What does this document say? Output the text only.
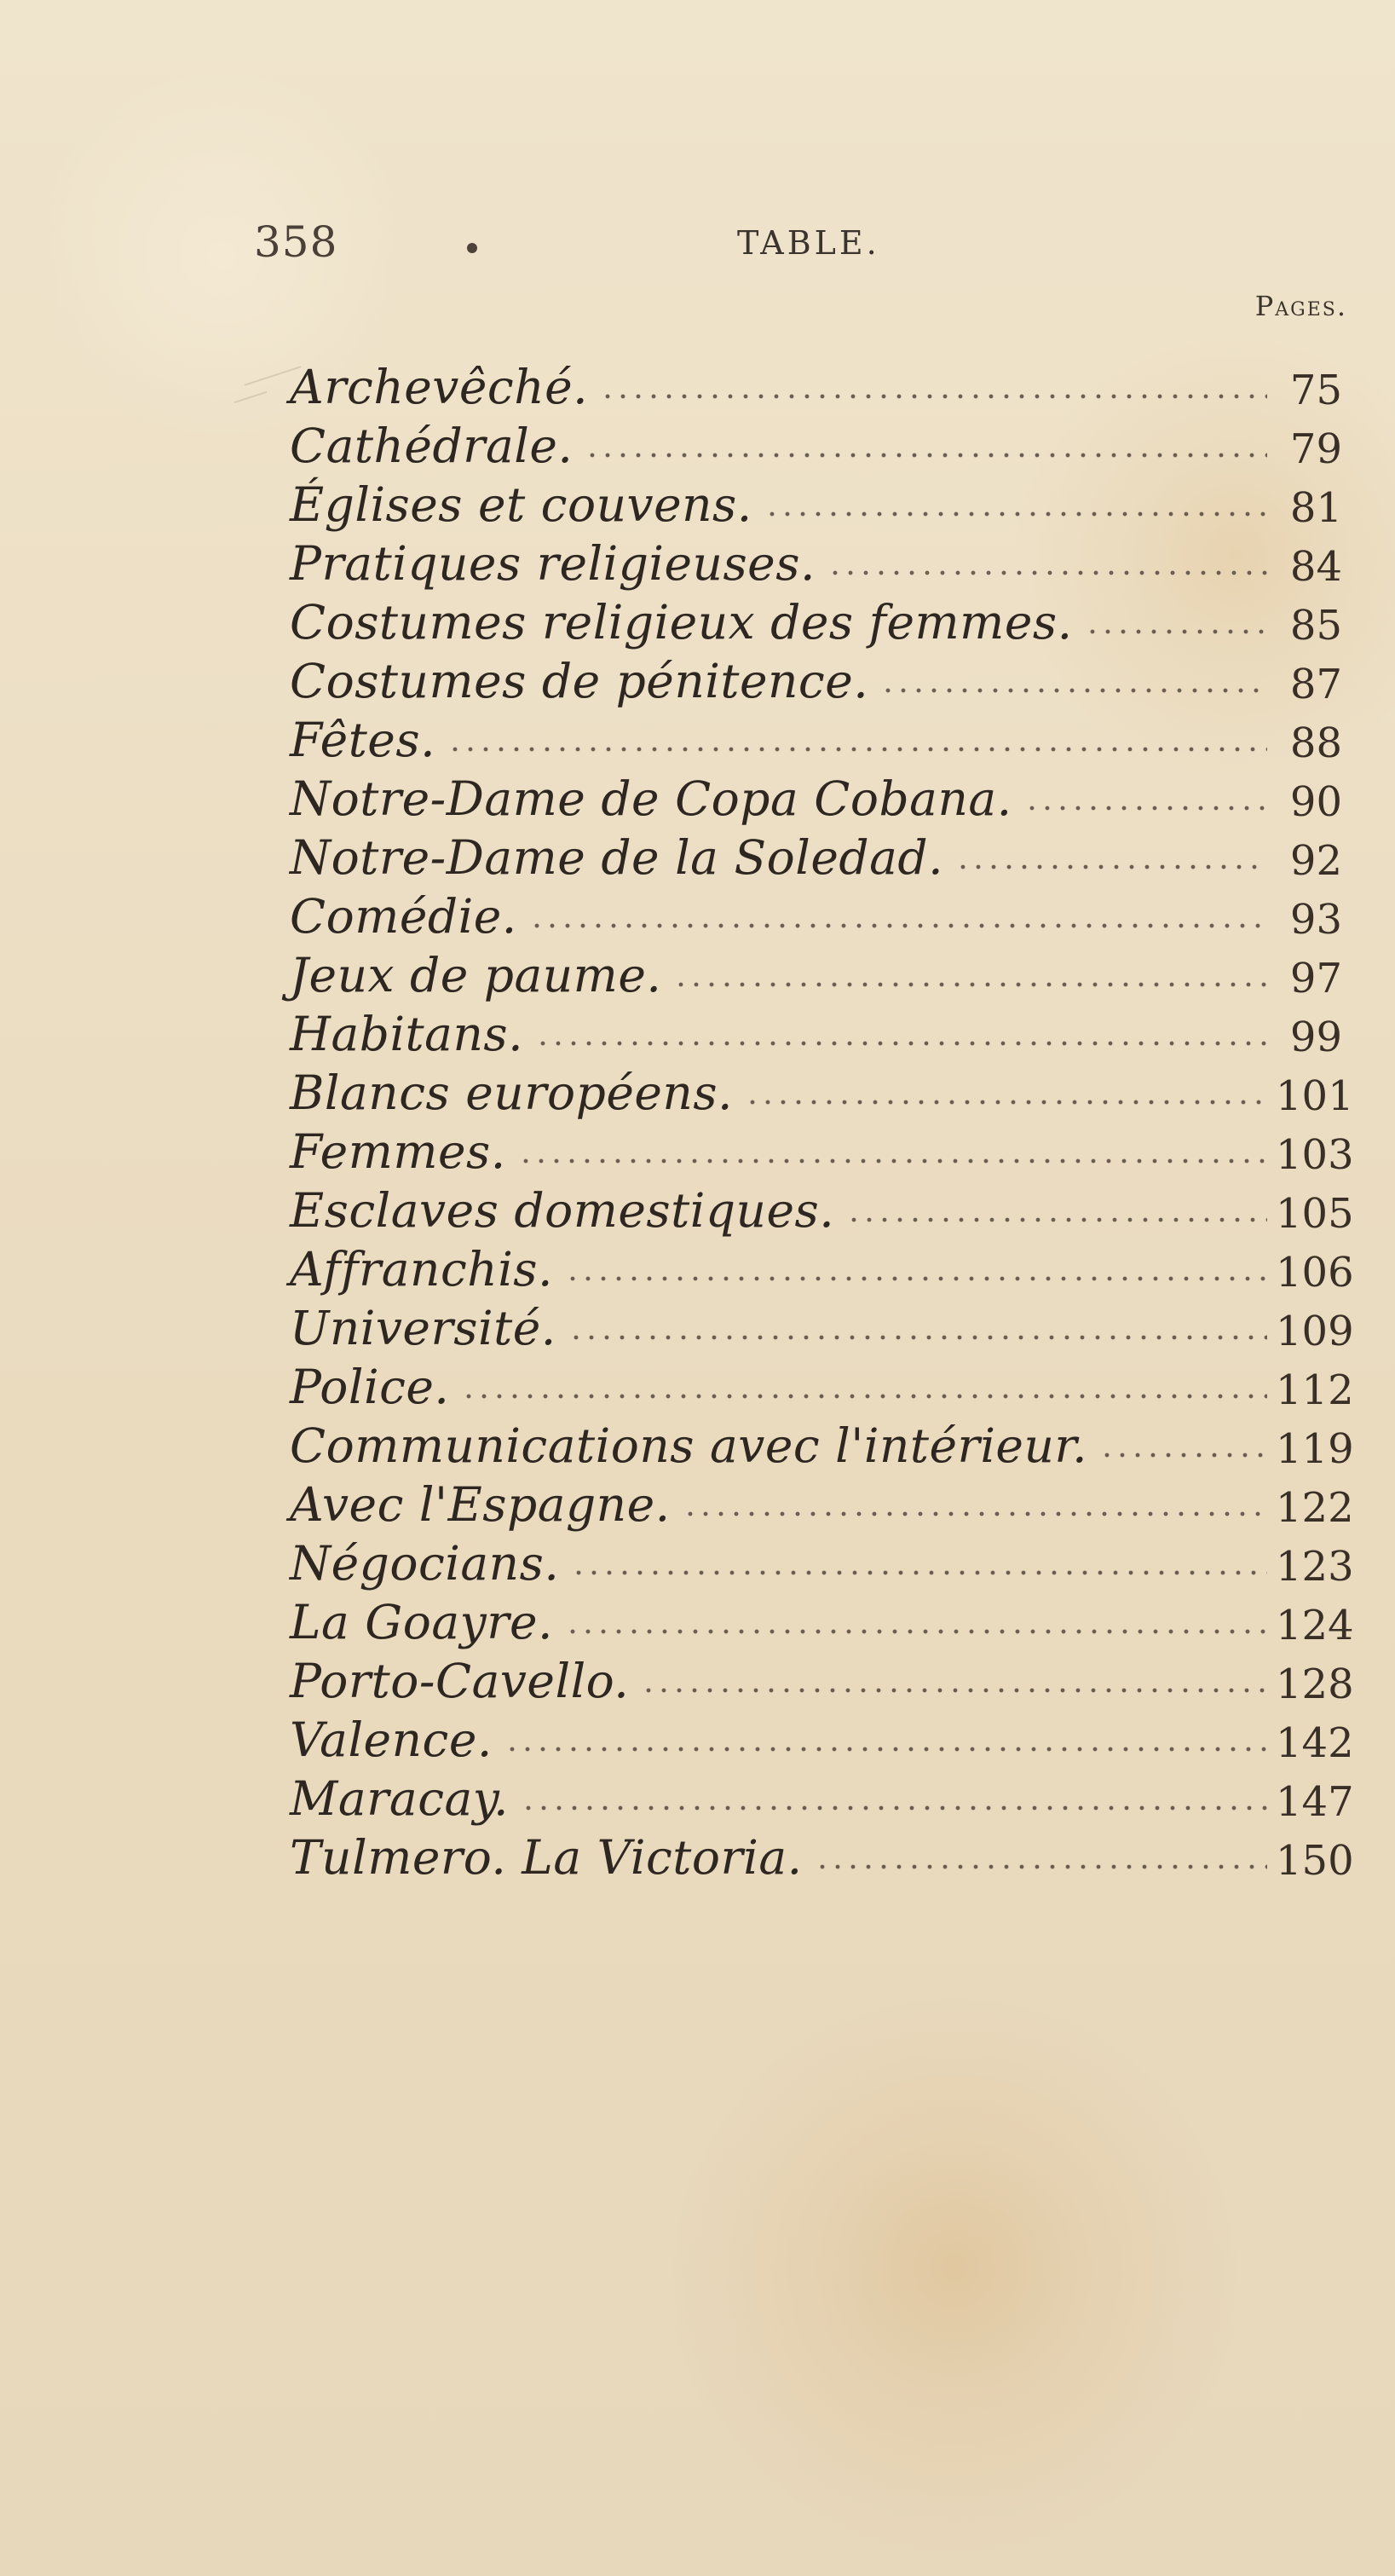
358	TABLE.
Pages.
Archevêché.	75
Cathédrale.	79
Églises et couvens.	81
Pratiques religieuses.	84
Costumes religieux des femmes.	85
Costumes de pénitence.	87
Fêtes.	88
Notre-Dame de Copa Cobana.	90
Notre-Dame de la Soledad.	92
Comédie.	93
Jeux de paume.	97
Habitans.	99
Blancs européens.	101
Femmes.	103
Esclaves domestiques.	105
Affranchis.	106
Université.	109
Police.	112
Communications avec l'intérieur.	119
Avec l'Espagne.	122
Négocians.	123
La Goayre.	124
Porto-Cavello.	128
Valence.	142
Maracay.	147
Tulmero. La Victoria.	150
